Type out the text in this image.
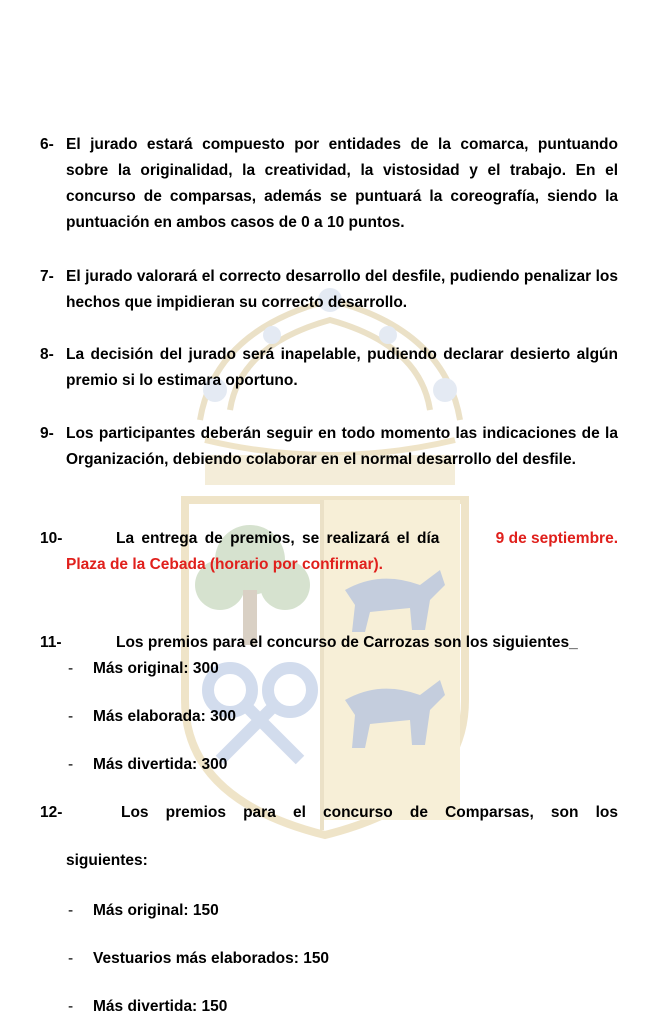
6- El jurado estará compuesto por entidades de la comarca, puntuando sobre la originalidad, la creatividad, la vistosidad y el trabajo. En el concurso de comparsas, además se puntuará la coreografía, siendo la puntuación en ambos casos de 0 a 10 puntos.
7- El jurado valorará el correcto desarrollo del desfile, pudiendo penalizar los hechos que impidieran su correcto desarrollo.
8- La decisión del jurado será inapelable, pudiendo declarar desierto algún premio si lo estimara oportuno.
9- Los participantes deberán seguir en todo momento las indicaciones de la Organización, debiendo colaborar en el normal desarrollo del desfile.
10-	La entrega de premios, se realizará el día	9 de septiembre.
Plaza de la Cebada (horario por confirmar).
11-	Los premios para el concurso de Carrozas son los siguientes_
- Más original: 300
- Más elaborada: 300
- Más divertida: 300
12-	Los premios para el concurso de Comparsas, son los
siguientes:
- Más original: 150
- Vestuarios más elaborados: 150
- Más divertida: 150
